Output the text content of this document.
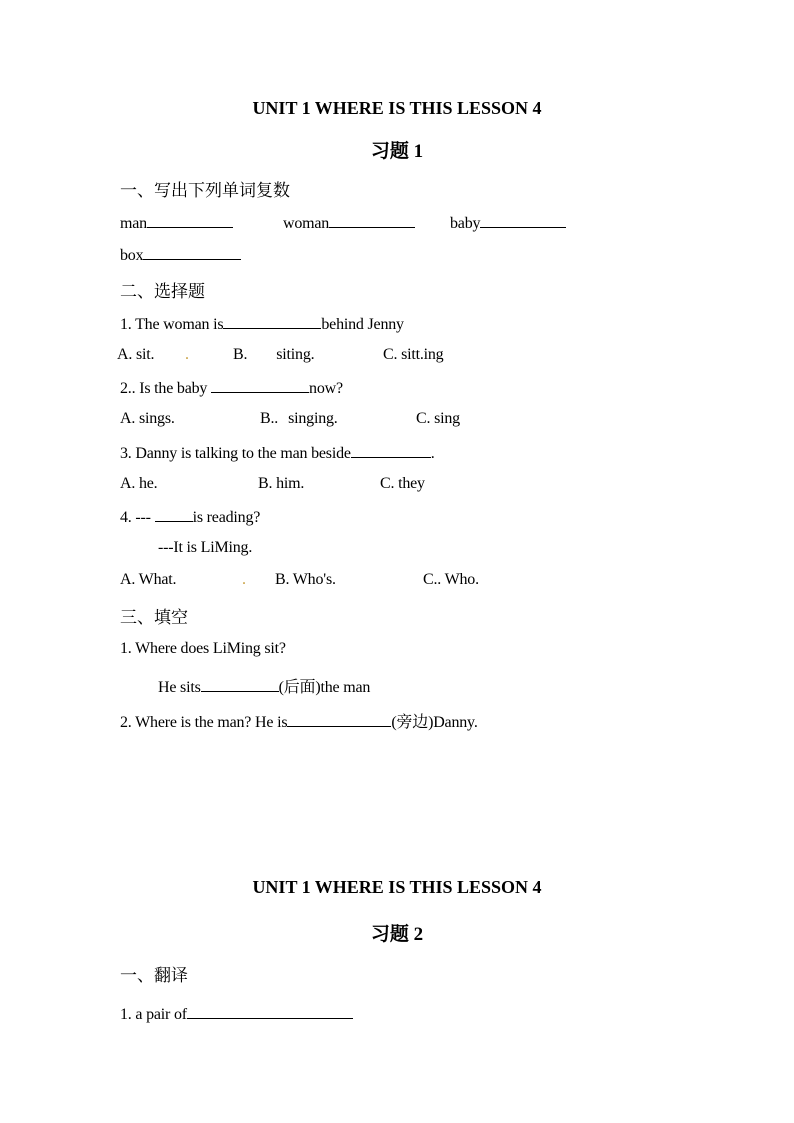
UNIT 1 WHERE IS THIS LESSON 4
习题 1
一、写出下列单词复数
man	woman	baby
box
二、选择题
1. The woman is	behind Jenny
A. sit. .	B. siting.	C. sitt.ing
2.. Is the baby	now?
A. sings.	B.. singing.	C. sing
3. Danny is talking to the man beside	.
A. he.	B. him.	C. they
4. --- is reading?
---It is LiMing.
A. What.	. B. Who's.	C.. Who.
三、填空
1. Where does LiMing sit?
He sits	(后面)the man
2. Where is the man? He is	(旁边)Danny.
UNIT 1 WHERE IS THIS LESSON 4
习题 2
一、翻译
1. a pair of
